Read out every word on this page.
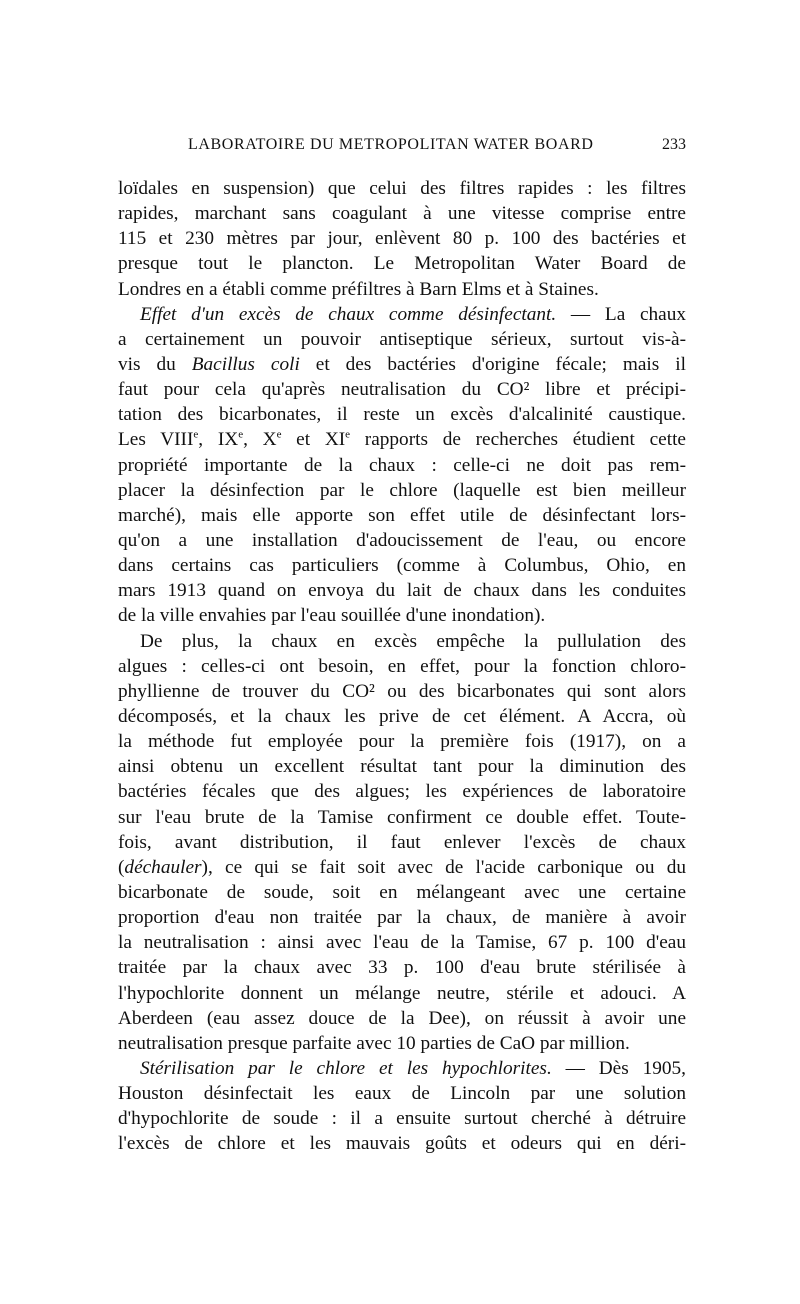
LABORATOIRE DU METROPOLITAN WATER BOARD	233
loïdales en suspension) que celui des filtres rapides : les filtres
rapides, marchant sans coagulant à une vitesse comprise entre
115 et 230 mètres par jour, enlèvent 80 p. 100 des bactéries et
presque tout le plancton. Le Metropolitan Water Board de
Londres en a établi comme préfiltres à Barn Elms et à Staines.
Effet d'un excès de chaux comme désinfectant. — La chaux
a certainement un pouvoir antiseptique sérieux, surtout vis-à-
vis du Bacillus coli et des bactéries d'origine fécale; mais il
faut pour cela qu'après neutralisation du CO² libre et précipi-
tation des bicarbonates, il reste un excès d'alcalinité caustique.
Les VIIIe, IXe, Xe et XIe rapports de recherches étudient cette
propriété importante de la chaux : celle-ci ne doit pas rem-
placer la désinfection par le chlore (laquelle est bien meilleur
marché), mais elle apporte son effet utile de désinfectant lors-
qu'on a une installation d'adoucissement de l'eau, ou encore
dans certains cas particuliers (comme à Columbus, Ohio, en
mars 1913 quand on envoya du lait de chaux dans les conduites
de la ville envahies par l'eau souillée d'une inondation).
De plus, la chaux en excès empêche la pullulation des
algues : celles-ci ont besoin, en effet, pour la fonction chloro-
phyllienne de trouver du CO² ou des bicarbonates qui sont alors
décomposés, et la chaux les prive de cet élément. A Accra, où
la méthode fut employée pour la première fois (1917), on a
ainsi obtenu un excellent résultat tant pour la diminution des
bactéries fécales que des algues; les expériences de laboratoire
sur l'eau brute de la Tamise confirment ce double effet. Toute-
fois, avant distribution, il faut enlever l'excès de chaux
(déchauler), ce qui se fait soit avec de l'acide carbonique ou du
bicarbonate de soude, soit en mélangeant avec une certaine
proportion d'eau non traitée par la chaux, de manière à avoir
la neutralisation : ainsi avec l'eau de la Tamise, 67 p. 100 d'eau
traitée par la chaux avec 33 p. 100 d'eau brute stérilisée à
l'hypochlorite donnent un mélange neutre, stérile et adouci. A
Aberdeen (eau assez douce de la Dee), on réussit à avoir une
neutralisation presque parfaite avec 10 parties de CaO par million.
Stérilisation par le chlore et les hypochlorites. — Dès 1905,
Houston désinfectait les eaux de Lincoln par une solution
d'hypochlorite de soude : il a ensuite surtout cherché à détruire
l'excès de chlore et les mauvais goûts et odeurs qui en déri-
